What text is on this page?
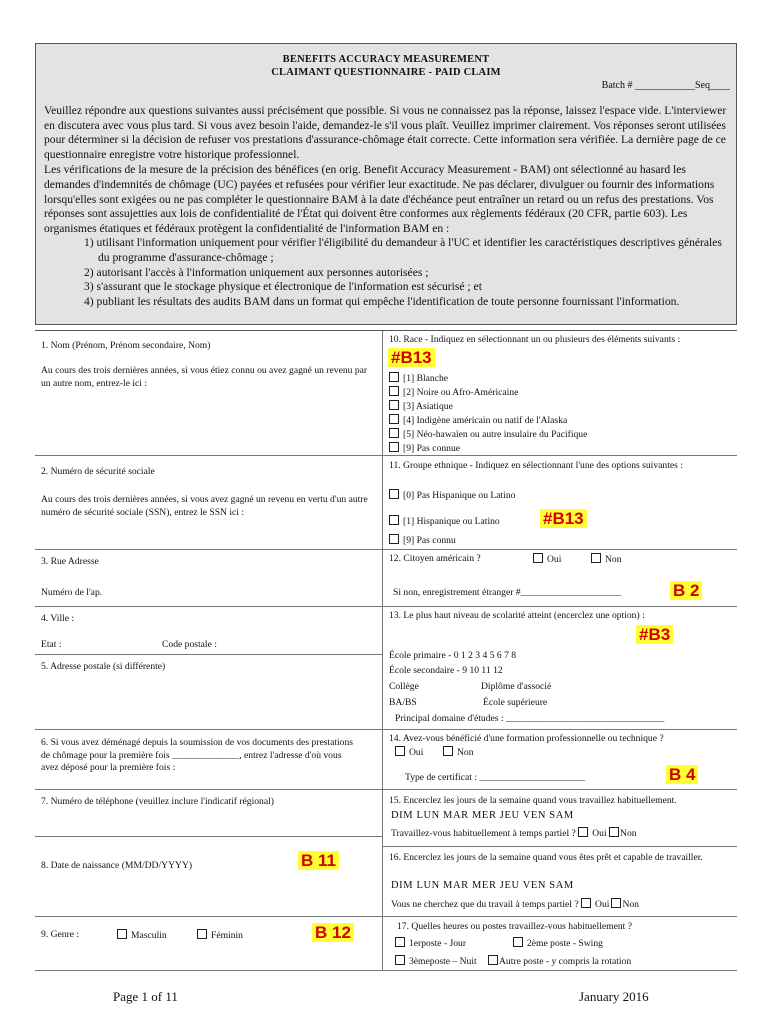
BENEFITS ACCURACY MEASUREMENT
CLAIMANT QUESTIONNAIRE - PAID CLAIM
Batch # ____________Seq____

Veuillez répondre aux questions suivantes aussi précisément que possible. Si vous ne connaissez pas la réponse, laissez l'espace vide. L'interviewer en discutera avec vous plus tard. Si vous avez besoin l'aide, demandez-le s'il vous plaît. Veuillez imprimer clairement. Vos réponses seront utilisées pour déterminer si la décision de refuser vos prestations d'assurance-chômage était correcte. Cette information sera vérifiée. La dernière page de ce questionnaire enregistre votre historique professionnel.

Les vérifications de la mesure de la précision des bénéfices (en orig. Benefit Accuracy Measurement - BAM) ont sélectionné au hasard les demandes d'indemnités de chômage (UC) payées et refusées pour vérifier leur exactitude. Ne pas déclarer, divulguer ou fournir des informations lorsqu'elles sont exigées ou ne pas compléter le questionnaire BAM à la date d'échéance peut entraîner un retard ou un refus des prestations. Vos réponses sont assujetties aux lois de confidentialité de l'État qui doivent être conformes aux règlements fédéraux (20 CFR, partie 603). Les organismes étatiques et fédéraux protègent la confidentialité de l'information BAM en :

1) utilisant l'information uniquement pour vérifier l'éligibilité du demandeur à l'UC et identifier les caractéristiques descriptives générales du programme d'assurance-chômage ;
2) autorisant l'accès à l'information uniquement aux personnes autorisées ;
3) s'assurant que le stockage physique et électronique de l'information est sécurisé ; et
4) publiant les résultats des audits BAM dans un format qui empêche l'identification de toute personne fournissant l'information.
1. Nom (Prénom, Prénom secondaire, Nom)
Au cours des trois dernières années, si vous étiez connu ou avez gagné un revenu par un autre nom, entrez-le ici :
2. Numéro de sécurité sociale
Au cours des trois dernières années, si vous avez gagné un revenu en vertu d'un autre numéro de sécurité sociale (SSN), entrez le SSN ici :
3. Rue Adresse
Numéro de l'ap.
4. Ville :
Etat :	Code postale :
5. Adresse postale (si différente)
6. Si vous avez déménagé depuis la soumission de vos documents des prestations de chômage pour la première fois ______________, entrez l'adresse d'où vous avez déposé pour la première fois :
7. Numéro de téléphone (veuillez inclure l'indicatif régional)
8. Date de naissance (MM/DD/YYYY)	B 11
9. Genre :	Masculin	Féminin	B 12
10. Race - Indiquez en sélectionnant un ou plusieurs des éléments suivants :
#B13
[1] Blanche
[2] Noire ou Afro-Américaine
[3] Asiatique
[4] Indigène américain ou natif de l'Alaska
[5] Néo-hawaïen ou autre insulaire du Pacifique
[9] Pas connue
11. Groupe ethnique - Indiquez en sélectionnant l'une des options suivantes :
[0] Pas Hispanique ou Latino
[1] Hispanique ou Latino	#B13
[9] Pas connu
12. Citoyen américain ?	Oui	Non
Si non, enregistrement étranger #_____________________	B 2
13. Le plus haut niveau de scolarité atteint (encerclez une option) :
#B3
École primaire - 0 1 2 3 4 5 6 7 8
École secondaire - 9 10 11 12
Collège	Diplôme d'associé
BA/BS	École supérieure
Principal domaine d'études : _________________________________
14. Avez-vous bénéficié d'une formation professionnelle ou technique ?
Oui	Non
Type de certificat : ______________________	B 4
15. Encerclez les jours de la semaine quand vous travaillez habituellement.
DIM LUN MAR MER JEU VEN SAM
Travaillez-vous habituellement à temps partiel ? Oui Non
16. Encerclez les jours de la semaine quand vous êtes prêt et capable de travailler.
DIM LUN MAR MER JEU VEN SAM
Vous ne cherchez que du travail à temps partiel ? Oui Non
17. Quelles heures ou postes travaillez-vous habituellement ?
1erposte - Jour	2ème poste - Swing
3èmeposte – Nuit	Autre poste - y compris la rotation
Page 1 of 11	January 2016
